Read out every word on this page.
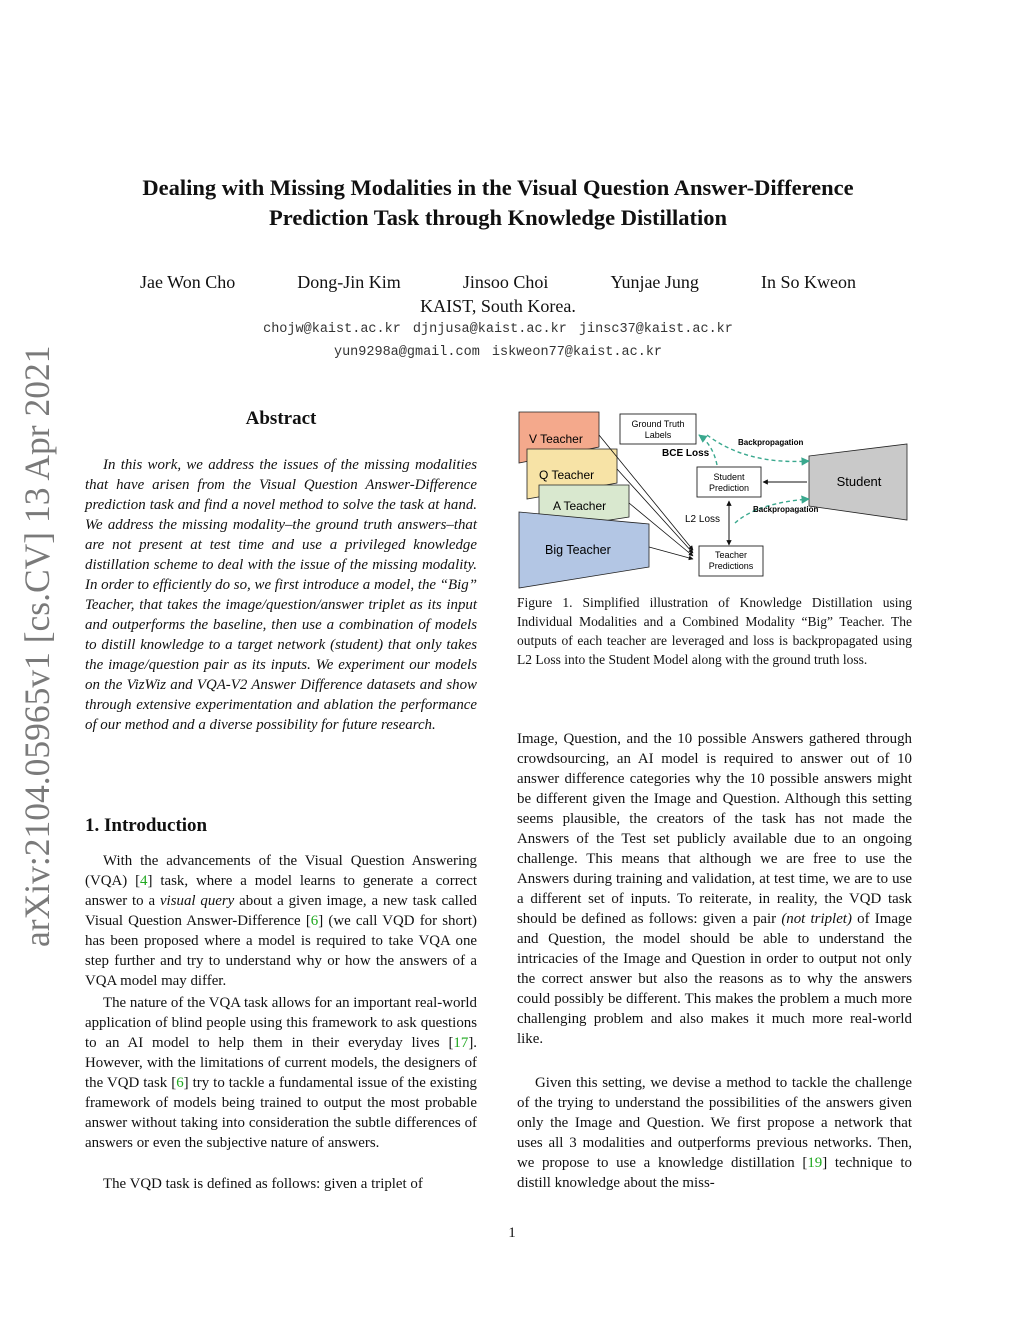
arXiv:2104.05965v1 [cs.CV] 13 Apr 2021
Dealing with Missing Modalities in the Visual Question Answer-Difference
Prediction Task through Knowledge Distillation
Jae Won Cho	Dong-Jin Kim	Jinsoo Choi	Yunjae Jung	In So Kweon
KAIST, South Korea.
chojw@kaist.ac.kr djnjusa@kaist.ac.kr jinsc37@kaist.ac.kr
yun9298a@gmail.com iskweon77@kaist.ac.kr
Abstract
In this work, we address the issues of the missing modalities that have arisen from the Visual Question Answer-Difference prediction task and find a novel method to solve the task at hand. We address the missing modality–the ground truth answers–that are not present at test time and use a privileged knowledge distillation scheme to deal with the issue of the missing modality. In order to efficiently do so, we first introduce a model, the “Big” Teacher, that takes the image/question/answer triplet as its input and outperforms the baseline, then use a combination of models to distill knowledge to a target network (student) that only takes the image/question pair as its inputs. We experiment our models on the VizWiz and VQA-V2 Answer Difference datasets and show through extensive experimentation and ablation the performance of our method and a diverse possibility for future research.
1. Introduction
With the advancements of the Visual Question Answering (VQA) [4] task, where a model learns to generate a correct answer to a visual query about a given image, a new task called Visual Question Answer-Difference [6] (we call VQD for short) has been proposed where a model is required to take VQA one step further and try to understand why or how the answers of a VQA model may differ.
The nature of the VQA task allows for an important real-world application of blind people using this framework to ask questions to an AI model to help them in their everyday lives [17]. However, with the limitations of current models, the designers of the VQD task [6] try to tackle a fundamental issue of the existing framework of models being trained to output the most probable answer without taking into consideration the subtle differences of answers or even the subjective nature of answers.
The VQD task is defined as follows: given a triplet of
V Teacher
Q Teacher
A Teacher
Big Teacher
Ground Truth
Labels
BCE Loss
Student
Prediction	Student
Backpropagation
L2 Loss
Backpropagation
Teacher
Predictions
Figure 1. Simplified illustration of Knowledge Distillation using Individual Modalities and a Combined Modality “Big” Teacher. The outputs of each teacher are leveraged and loss is backpropagated using L2 Loss into the Student Model along with the ground truth loss.
Image, Question, and the 10 possible Answers gathered through crowdsourcing, an AI model is required to answer out of 10 answer difference categories why the 10 possible answers might be different given the Image and Question. Although this setting seems plausible, the creators of the task has not made the Answers of the Test set publicly available due to an ongoing challenge. This means that although we are free to use the Answers during training and validation, at test time, we are to use a different set of inputs. To reiterate, in reality, the VQD task should be defined as follows: given a pair (not triplet) of Image and Question, the model should be able to understand the intricacies of the Image and Question in order to output not only the correct answer but also the reasons as to why the answers could possibly be different. This makes the problem a much more challenging problem and also makes it much more real-world like.
Given this setting, we devise a method to tackle the challenge of the trying to understand the possibilities of the answers given only the Image and Question. We first propose a network that uses all 3 modalities and outperforms previous networks. Then, we propose to use a knowledge distillation [19] technique to distill knowledge about the miss-
1
